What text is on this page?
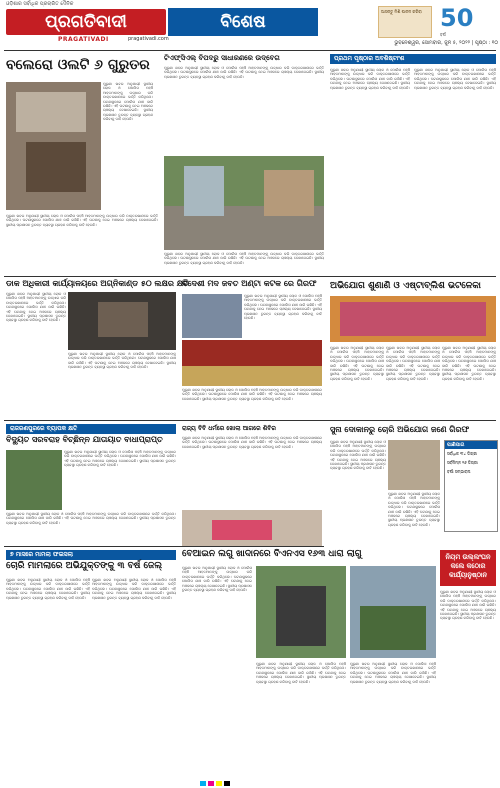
ଓଡ଼ିଶାର ସର୍ବାଧିକ ପ୍ରଚାରିତ ଦୈନିକ
ପ୍ରଗତିବାଦୀ
PRAGATIVADI	pragativadi.com
ବିଶେଷ
ଆସନ୍ତୁ ମିଶି ପାଳନ କରିବା 50
ବର୍ଷ
ଭୁବନେଶ୍ୱର, ସୋମବାର, ଜୁନ ୫, ୨୦୨୨ | ପୃଷ୍ଠା : ୧୦
ବଲେରୋ ଓଲଟି ୬ ଗୁରୁତର
ପୁରୁଣା ଖବର ଅନୁଯାୟୀ ସ୍ଥାନୀୟ ଲୋକ ଓ ପୋଲିସ ପହଞ୍ଚି ଆହତମାନଙ୍କୁ ଉଦ୍ଧାର କରି ଡାକ୍ତରଖାନାରେ ଭର୍ତ୍ତି କରିଥିଲେ। ଘଟଣାସ୍ଥଳରେ ପୋଲିସ ଯାଞ୍ଚ ଜାରି ରଖିଛି। ଏହି ଘଟଣାକୁ ନେଇ ଅଞ୍ଚଳରେ ଚାଞ୍ଚଲ୍ୟ ଦେଖାଦେଇଛି। ସ୍ଥାନୀୟ ପ୍ରଶାସନ ତୁରନ୍ତ ବ୍ୟବସ୍ଥା ଗ୍ରହଣ କରିବାକୁ ଦାବି ହେଉଛି।
ପୁରୁଣା ଖବର ଅନୁଯାୟୀ ସ୍ଥାନୀୟ ଲୋକ ଓ ପୋଲିସ ପହଞ୍ଚି ଆହତମାନଙ୍କୁ ଉଦ୍ଧାର କରି ଡାକ୍ତରଖାନାରେ ଭର୍ତ୍ତି କରିଥିଲେ। ଘଟଣାସ୍ଥଳରେ ପୋଲିସ ଯାଞ୍ଚ ଜାରି ରଖିଛି। ଏହି ଘଟଣାକୁ ନେଇ ଅଞ୍ଚଳରେ ଚାଞ୍ଚଲ୍ୟ ଦେଖାଦେଇଛି। ସ୍ଥାନୀୟ ପ୍ରଶାସନ ତୁରନ୍ତ ବ୍ୟବସ୍ଥା ଗ୍ରହଣ କରିବାକୁ ଦାବି ହେଉଛି।
ଟିଏଫ୍ସିଏଲ୍ ବିପଦରୁ ସାଧାରଣରେ ଉଦ୍ବେଗ
ପୁରୁଣା ଖବର ଅନୁଯାୟୀ ସ୍ଥାନୀୟ ଲୋକ ଓ ପୋଲିସ ପହଞ୍ଚି ଆହତମାନଙ୍କୁ ଉଦ୍ଧାର କରି ଡାକ୍ତରଖାନାରେ ଭର୍ତ୍ତି କରିଥିଲେ। ଘଟଣାସ୍ଥଳରେ ପୋଲିସ ଯାଞ୍ଚ ଜାରି ରଖିଛି। ଏହି ଘଟଣାକୁ ନେଇ ଅଞ୍ଚଳରେ ଚାଞ୍ଚଲ୍ୟ ଦେଖାଦେଇଛି। ସ୍ଥାନୀୟ ପ୍ରଶାସନ ତୁରନ୍ତ ବ୍ୟବସ୍ଥା ଗ୍ରହଣ କରିବାକୁ ଦାବି ହେଉଛି।
ପୁରୁଣା ଖବର ଅନୁଯାୟୀ ସ୍ଥାନୀୟ ଲୋକ ଓ ପୋଲିସ ପହଞ୍ଚି ଆହତମାନଙ୍କୁ ଉଦ୍ଧାର କରି ଡାକ୍ତରଖାନାରେ ଭର୍ତ୍ତି କରିଥିଲେ। ଘଟଣାସ୍ଥଳରେ ପୋଲିସ ଯାଞ୍ଚ ଜାରି ରଖିଛି। ଏହି ଘଟଣାକୁ ନେଇ ଅଞ୍ଚଳରେ ଚାଞ୍ଚଲ୍ୟ ଦେଖାଦେଇଛି। ସ୍ଥାନୀୟ ପ୍ରଶାସନ ତୁରନ୍ତ ବ୍ୟବସ୍ଥା ଗ୍ରହଣ କରିବାକୁ ଦାବି ହେଉଛି।
ପ୍ରଥମ ପୃଷ୍ଠାର ଅବଶିଷ୍ଟାଂଶ
ପୁରୁଣା ଖବର ଅନୁଯାୟୀ ସ୍ଥାନୀୟ ଲୋକ ଓ ପୋଲିସ ପହଞ୍ଚି ଆହତମାନଙ୍କୁ ଉଦ୍ଧାର କରି ଡାକ୍ତରଖାନାରେ ଭର୍ତ୍ତି କରିଥିଲେ। ଘଟଣାସ୍ଥଳରେ ପୋଲିସ ଯାଞ୍ଚ ଜାରି ରଖିଛି। ଏହି ଘଟଣାକୁ ନେଇ ଅଞ୍ଚଳରେ ଚାଞ୍ଚଲ୍ୟ ଦେଖାଦେଇଛି। ସ୍ଥାନୀୟ ପ୍ରଶାସନ ତୁରନ୍ତ ବ୍ୟବସ୍ଥା ଗ୍ରହଣ କରିବାକୁ ଦାବି ହେଉଛି।
ପୁରୁଣା ଖବର ଅନୁଯାୟୀ ସ୍ଥାନୀୟ ଲୋକ ଓ ପୋଲିସ ପହଞ୍ଚି ଆହତମାନଙ୍କୁ ଉଦ୍ଧାର କରି ଡାକ୍ତରଖାନାରେ ଭର୍ତ୍ତି କରିଥିଲେ। ଘଟଣାସ୍ଥଳରେ ପୋଲିସ ଯାଞ୍ଚ ଜାରି ରଖିଛି। ଏହି ଘଟଣାକୁ ନେଇ ଅଞ୍ଚଳରେ ଚାଞ୍ଚଲ୍ୟ ଦେଖାଦେଇଛି। ସ୍ଥାନୀୟ ପ୍ରଶାସନ ତୁରନ୍ତ ବ୍ୟବସ୍ଥା ଗ୍ରହଣ କରିବାକୁ ଦାବି ହେଉଛି।
ଡାକ ଅଧିକାରୀ କାର୍ଯ୍ୟାଳୟରେ ଅଗ୍ନିକାଣ୍ଡ ୫୦ ଲକ୍ଷର କ୍ଷତି
ପୁରୁଣା ଖବର ଅନୁଯାୟୀ ସ୍ଥାନୀୟ ଲୋକ ଓ ପୋଲିସ ପହଞ୍ଚି ଆହତମାନଙ୍କୁ ଉଦ୍ଧାର କରି ଡାକ୍ତରଖାନାରେ ଭର୍ତ୍ତି କରିଥିଲେ। ଘଟଣାସ୍ଥଳରେ ପୋଲିସ ଯାଞ୍ଚ ଜାରି ରଖିଛି। ଏହି ଘଟଣାକୁ ନେଇ ଅଞ୍ଚଳରେ ଚାଞ୍ଚଲ୍ୟ ଦେଖାଦେଇଛି। ସ୍ଥାନୀୟ ପ୍ରଶାସନ ତୁରନ୍ତ ବ୍ୟବସ୍ଥା ଗ୍ରହଣ କରିବାକୁ ଦାବି ହେଉଛି।
ପୁରୁଣା ଖବର ଅନୁଯାୟୀ ସ୍ଥାନୀୟ ଲୋକ ଓ ପୋଲିସ ପହଞ୍ଚି ଆହତମାନଙ୍କୁ ଉଦ୍ଧାର କରି ଡାକ୍ତରଖାନାରେ ଭର୍ତ୍ତି କରିଥିଲେ। ଘଟଣାସ୍ଥଳରେ ପୋଲିସ ଯାଞ୍ଚ ଜାରି ରଖିଛି। ଏହି ଘଟଣାକୁ ନେଇ ଅଞ୍ଚଳରେ ଚାଞ୍ଚଲ୍ୟ ଦେଖାଦେଇଛି। ସ୍ଥାନୀୟ ପ୍ରଶାସନ ତୁରନ୍ତ ବ୍ୟବସ୍ଥା ଗ୍ରହଣ କରିବାକୁ ଦାବି ହେଉଛି।
ବିଦେଶୀ ମଦ ଜବତ ଅଣ୍ଟା କଟକ ରେ ଗିରଫ
ପୁରୁଣା ଖବର ଅନୁଯାୟୀ ସ୍ଥାନୀୟ ଲୋକ ଓ ପୋଲିସ ପହଞ୍ଚି ଆହତମାନଙ୍କୁ ଉଦ୍ଧାର କରି ଡାକ୍ତରଖାନାରେ ଭର୍ତ୍ତି କରିଥିଲେ। ଘଟଣାସ୍ଥଳରେ ପୋଲିସ ଯାଞ୍ଚ ଜାରି ରଖିଛି। ଏହି ଘଟଣାକୁ ନେଇ ଅଞ୍ଚଳରେ ଚାଞ୍ଚଲ୍ୟ ଦେଖାଦେଇଛି। ସ୍ଥାନୀୟ ପ୍ରଶାସନ ତୁରନ୍ତ ବ୍ୟବସ୍ଥା ଗ୍ରହଣ କରିବାକୁ ଦାବି ହେଉଛି।
ପୁରୁଣା ଖବର ଅନୁଯାୟୀ ସ୍ଥାନୀୟ ଲୋକ ଓ ପୋଲିସ ପହଞ୍ଚି ଆହତମାନଙ୍କୁ ଉଦ୍ଧାର କରି ଡାକ୍ତରଖାନାରେ ଭର୍ତ୍ତି କରିଥିଲେ। ଘଟଣାସ୍ଥଳରେ ପୋଲିସ ଯାଞ୍ଚ ଜାରି ରଖିଛି। ଏହି ଘଟଣାକୁ ନେଇ ଅଞ୍ଚଳରେ ଚାଞ୍ଚଲ୍ୟ ଦେଖାଦେଇଛି। ସ୍ଥାନୀୟ ପ୍ରଶାସନ ତୁରନ୍ତ ବ୍ୟବସ୍ଥା ଗ୍ରହଣ କରିବାକୁ ଦାବି ହେଉଛି।
ଅଭିଯୋଗ ଶୁଣାଣି ଓ ଏଷ୍ଟାବ୍ଲିଶ ଭଟଳେକା
ପୁରୁଣା ଖବର ଅନୁଯାୟୀ ସ୍ଥାନୀୟ ଲୋକ ଓ ପୋଲିସ ପହଞ୍ଚି ଆହତମାନଙ୍କୁ ଉଦ୍ଧାର କରି ଡାକ୍ତରଖାନାରେ ଭର୍ତ୍ତି କରିଥିଲେ। ଘଟଣାସ୍ଥଳରେ ପୋଲିସ ଯାଞ୍ଚ ଜାରି ରଖିଛି। ଏହି ଘଟଣାକୁ ନେଇ ଅଞ୍ଚଳରେ ଚାଞ୍ଚଲ୍ୟ ଦେଖାଦେଇଛି। ସ୍ଥାନୀୟ ପ୍ରଶାସନ ତୁରନ୍ତ ବ୍ୟବସ୍ଥା ଗ୍ରହଣ କରିବାକୁ ଦାବି ହେଉଛି।
ପୁରୁଣା ଖବର ଅନୁଯାୟୀ ସ୍ଥାନୀୟ ଲୋକ ଓ ପୋଲିସ ପହଞ୍ଚି ଆହତମାନଙ୍କୁ ଉଦ୍ଧାର କରି ଡାକ୍ତରଖାନାରେ ଭର୍ତ୍ତି କରିଥିଲେ। ଘଟଣାସ୍ଥଳରେ ପୋଲିସ ଯାଞ୍ଚ ଜାରି ରଖିଛି। ଏହି ଘଟଣାକୁ ନେଇ ଅଞ୍ଚଳରେ ଚାଞ୍ଚଲ୍ୟ ଦେଖାଦେଇଛି। ସ୍ଥାନୀୟ ପ୍ରଶାସନ ତୁରନ୍ତ ବ୍ୟବସ୍ଥା ଗ୍ରହଣ କରିବାକୁ ଦାବି ହେଉଛି।
ପୁରୁଣା ଖବର ଅନୁଯାୟୀ ସ୍ଥାନୀୟ ଲୋକ ଓ ପୋଲିସ ପହଞ୍ଚି ଆହତମାନଙ୍କୁ ଉଦ୍ଧାର କରି ଡାକ୍ତରଖାନାରେ ଭର୍ତ୍ତି କରିଥିଲେ। ଘଟଣାସ୍ଥଳରେ ପୋଲିସ ଯାଞ୍ଚ ଜାରି ରଖିଛି। ଏହି ଘଟଣାକୁ ନେଇ ଅଞ୍ଚଳରେ ଚାଞ୍ଚଲ୍ୟ ଦେଖାଦେଇଛି। ସ୍ଥାନୀୟ ପ୍ରଶାସନ ତୁରନ୍ତ ବ୍ୟବସ୍ଥା ଗ୍ରହଣ କରିବାକୁ ଦାବି ହେଉଛି।
ରାଜରଣପୁରରେ ବ୍ୟାପକ କ୍ଷତି
ବିଦ୍ୟୁତ ସରବରାହ ବିଚ୍ଛିନ୍ନ ଯାତାୟାତ ବାଧାପ୍ରାପ୍ତ
ପୁରୁଣା ଖବର ଅନୁଯାୟୀ ସ୍ଥାନୀୟ ଲୋକ ଓ ପୋଲିସ ପହଞ୍ଚି ଆହତମାନଙ୍କୁ ଉଦ୍ଧାର କରି ଡାକ୍ତରଖାନାରେ ଭର୍ତ୍ତି କରିଥିଲେ। ଘଟଣାସ୍ଥଳରେ ପୋଲିସ ଯାଞ୍ଚ ଜାରି ରଖିଛି। ଏହି ଘଟଣାକୁ ନେଇ ଅଞ୍ଚଳରେ ଚାଞ୍ଚଲ୍ୟ ଦେଖାଦେଇଛି। ସ୍ଥାନୀୟ ପ୍ରଶାସନ ତୁରନ୍ତ ବ୍ୟବସ୍ଥା ଗ୍ରହଣ କରିବାକୁ ଦାବି ହେଉଛି।
ପୁରୁଣା ଖବର ଅନୁଯାୟୀ ସ୍ଥାନୀୟ ଲୋକ ଓ ପୋଲିସ ପହଞ୍ଚି ଆହତମାନଙ୍କୁ ଉଦ୍ଧାର କରି ଡାକ୍ତରଖାନାରେ ଭର୍ତ୍ତି କରିଥିଲେ। ଘଟଣାସ୍ଥଳରେ ପୋଲିସ ଯାଞ୍ଚ ଜାରି ରଖିଛି। ଏହି ଘଟଣାକୁ ନେଇ ଅଞ୍ଚଳରେ ଚାଞ୍ଚଲ୍ୟ ଦେଖାଦେଇଛି। ସ୍ଥାନୀୟ ପ୍ରଶାସନ ତୁରନ୍ତ ବ୍ୟବସ୍ଥା ଗ୍ରହଣ କରିବାକୁ ଦାବି ହେଉଛି।
ରାଜ୍ୟ ବିବି ଧର୍ମରେ ଖୋଲା ଆଗରେ ଶିବିର
ପୁରୁଣା ଖବର ଅନୁଯାୟୀ ସ୍ଥାନୀୟ ଲୋକ ଓ ପୋଲିସ ପହଞ୍ଚି ଆହତମାନଙ୍କୁ ଉଦ୍ଧାର କରି ଡାକ୍ତରଖାନାରେ ଭର୍ତ୍ତି କରିଥିଲେ। ଘଟଣାସ୍ଥଳରେ ପୋଲିସ ଯାଞ୍ଚ ଜାରି ରଖିଛି। ଏହି ଘଟଣାକୁ ନେଇ ଅଞ୍ଚଳରେ ଚାଞ୍ଚଲ୍ୟ ଦେଖାଦେଇଛି। ସ୍ଥାନୀୟ ପ୍ରଶାସନ ତୁରନ୍ତ ବ୍ୟବସ୍ଥା ଗ୍ରହଣ କରିବାକୁ ଦାବି ହେଉଛି।
ସୁନା ଦୋକାନରୁ ଚୋରି ଅଭିଯୋଗ ଜଣେ ଗିରଫ
ପୁରୁଣା ଖବର ଅନୁଯାୟୀ ସ୍ଥାନୀୟ ଲୋକ ଓ ପୋଲିସ ପହଞ୍ଚି ଆହତମାନଙ୍କୁ ଉଦ୍ଧାର କରି ଡାକ୍ତରଖାନାରେ ଭର୍ତ୍ତି କରିଥିଲେ। ଘଟଣାସ୍ଥଳରେ ପୋଲିସ ଯାଞ୍ଚ ଜାରି ରଖିଛି। ଏହି ଘଟଣାକୁ ନେଇ ଅଞ୍ଚଳରେ ଚାଞ୍ଚଲ୍ୟ ଦେଖାଦେଇଛି। ସ୍ଥାନୀୟ ପ୍ରଶାସନ ତୁରନ୍ତ ବ୍ୟବସ୍ଥା ଗ୍ରହଣ କରିବାକୁ ଦାବି ହେଉଛି।
ପୁରୁଣା ଖବର ଅନୁଯାୟୀ ସ୍ଥାନୀୟ ଲୋକ ଓ ପୋଲିସ ପହଞ୍ଚି ଆହତମାନଙ୍କୁ ଉଦ୍ଧାର କରି ଡାକ୍ତରଖାନାରେ ଭର୍ତ୍ତି କରିଥିଲେ। ଘଟଣାସ୍ଥଳରେ ପୋଲିସ ଯାଞ୍ଚ ଜାରି ରଖିଛି। ଏହି ଘଟଣାକୁ ନେଇ ଅଞ୍ଚଳରେ ଚାଞ୍ଚଲ୍ୟ ଦେଖାଦେଇଛି। ସ୍ଥାନୀୟ ପ୍ରଶାସନ ତୁରନ୍ତ ବ୍ୟବସ୍ଥା ଗ୍ରହଣ କରିବାକୁ ଦାବି ହେଉଛି।
ପାଣିପାଗ
ସର୍ବାଧିକ ୩୪ ଡିଗ୍ରୀ
ସର୍ବନିମ୍ନ ୨୬ ଡିଗ୍ରୀ
ବର୍ଷା ସମ୍ଭାବନା
୭ ମାସରେ ମାମଲା ଫଇସଲା
ଚୋରି ମାମଲାରେ ଅଭିଯୁକ୍ତଙ୍କୁ ୩ ବର୍ଷ ଜେଲ୍
ପୁରୁଣା ଖବର ଅନୁଯାୟୀ ସ୍ଥାନୀୟ ଲୋକ ଓ ପୋଲିସ ପହଞ୍ଚି ଆହତମାନଙ୍କୁ ଉଦ୍ଧାର କରି ଡାକ୍ତରଖାନାରେ ଭର୍ତ୍ତି କରିଥିଲେ। ଘଟଣାସ୍ଥଳରେ ପୋଲିସ ଯାଞ୍ଚ ଜାରି ରଖିଛି। ଏହି ଘଟଣାକୁ ନେଇ ଅଞ୍ଚଳରେ ଚାଞ୍ଚଲ୍ୟ ଦେଖାଦେଇଛି। ସ୍ଥାନୀୟ ପ୍ରଶାସନ ତୁରନ୍ତ ବ୍ୟବସ୍ଥା ଗ୍ରହଣ କରିବାକୁ ଦାବି ହେଉଛି।
ପୁରୁଣା ଖବର ଅନୁଯାୟୀ ସ୍ଥାନୀୟ ଲୋକ ଓ ପୋଲିସ ପହଞ୍ଚି ଆହତମାନଙ୍କୁ ଉଦ୍ଧାର କରି ଡାକ୍ତରଖାନାରେ ଭର୍ତ୍ତି କରିଥିଲେ। ଘଟଣାସ୍ଥଳରେ ପୋଲିସ ଯାଞ୍ଚ ଜାରି ରଖିଛି। ଏହି ଘଟଣାକୁ ନେଇ ଅଞ୍ଚଳରେ ଚାଞ୍ଚଲ୍ୟ ଦେଖାଦେଇଛି। ସ୍ଥାନୀୟ ପ୍ରଶାସନ ତୁରନ୍ତ ବ୍ୟବସ୍ଥା ଗ୍ରହଣ କରିବାକୁ ଦାବି ହେଉଛି।
ବେଆଇନ ଲଗୁ ଖାଦାନରେ ବିଏନଏସ ୧୬୩ ଧାରା ଲାଗୁ
ପୁରୁଣା ଖବର ଅନୁଯାୟୀ ସ୍ଥାନୀୟ ଲୋକ ଓ ପୋଲିସ ପହଞ୍ଚି ଆହତମାନଙ୍କୁ ଉଦ୍ଧାର କରି ଡାକ୍ତରଖାନାରେ ଭର୍ତ୍ତି କରିଥିଲେ। ଘଟଣାସ୍ଥଳରେ ପୋଲିସ ଯାଞ୍ଚ ଜାରି ରଖିଛି। ଏହି ଘଟଣାକୁ ନେଇ ଅଞ୍ଚଳରେ ଚାଞ୍ଚଲ୍ୟ ଦେଖାଦେଇଛି। ସ୍ଥାନୀୟ ପ୍ରଶାସନ ତୁରନ୍ତ ବ୍ୟବସ୍ଥା ଗ୍ରହଣ କରିବାକୁ ଦାବି ହେଉଛି।
ପୁରୁଣା ଖବର ଅନୁଯାୟୀ ସ୍ଥାନୀୟ ଲୋକ ଓ ପୋଲିସ ପହଞ୍ଚି ଆହତମାନଙ୍କୁ ଉଦ୍ଧାର କରି ଡାକ୍ତରଖାନାରେ ଭର୍ତ୍ତି କରିଥିଲେ। ଘଟଣାସ୍ଥଳରେ ପୋଲିସ ଯାଞ୍ଚ ଜାରି ରଖିଛି। ଏହି ଘଟଣାକୁ ନେଇ ଅଞ୍ଚଳରେ ଚାଞ୍ଚଲ୍ୟ ଦେଖାଦେଇଛି। ସ୍ଥାନୀୟ ପ୍ରଶାସନ ତୁରନ୍ତ ବ୍ୟବସ୍ଥା ଗ୍ରହଣ କରିବାକୁ ଦାବି ହେଉଛି।
ପୁରୁଣା ଖବର ଅନୁଯାୟୀ ସ୍ଥାନୀୟ ଲୋକ ଓ ପୋଲିସ ପହଞ୍ଚି ଆହତମାନଙ୍କୁ ଉଦ୍ଧାର କରି ଡାକ୍ତରଖାନାରେ ଭର୍ତ୍ତି କରିଥିଲେ। ଘଟଣାସ୍ଥଳରେ ପୋଲିସ ଯାଞ୍ଚ ଜାରି ରଖିଛି। ଏହି ଘଟଣାକୁ ନେଇ ଅଞ୍ଚଳରେ ଚାଞ୍ଚଲ୍ୟ ଦେଖାଦେଇଛି। ସ୍ଥାନୀୟ ପ୍ରଶାସନ ତୁରନ୍ତ ବ୍ୟବସ୍ଥା ଗ୍ରହଣ କରିବାକୁ ଦାବି ହେଉଛି।
ନିୟମ ଉଲ୍ଲଂଘନ କଲେ କଠୋର କାର୍ଯ୍ୟାନୁଷ୍ଠାନ
ପୁରୁଣା ଖବର ଅନୁଯାୟୀ ସ୍ଥାନୀୟ ଲୋକ ଓ ପୋଲିସ ପହଞ୍ଚି ଆହତମାନଙ୍କୁ ଉଦ୍ଧାର କରି ଡାକ୍ତରଖାନାରେ ଭର୍ତ୍ତି କରିଥିଲେ। ଘଟଣାସ୍ଥଳରେ ପୋଲିସ ଯାଞ୍ଚ ଜାରି ରଖିଛି। ଏହି ଘଟଣାକୁ ନେଇ ଅଞ୍ଚଳରେ ଚାଞ୍ଚଲ୍ୟ ଦେଖାଦେଇଛି। ସ୍ଥାନୀୟ ପ୍ରଶାସନ ତୁରନ୍ତ ବ୍ୟବସ୍ଥା ଗ୍ରହଣ କରିବାକୁ ଦାବି ହେଉଛି।
